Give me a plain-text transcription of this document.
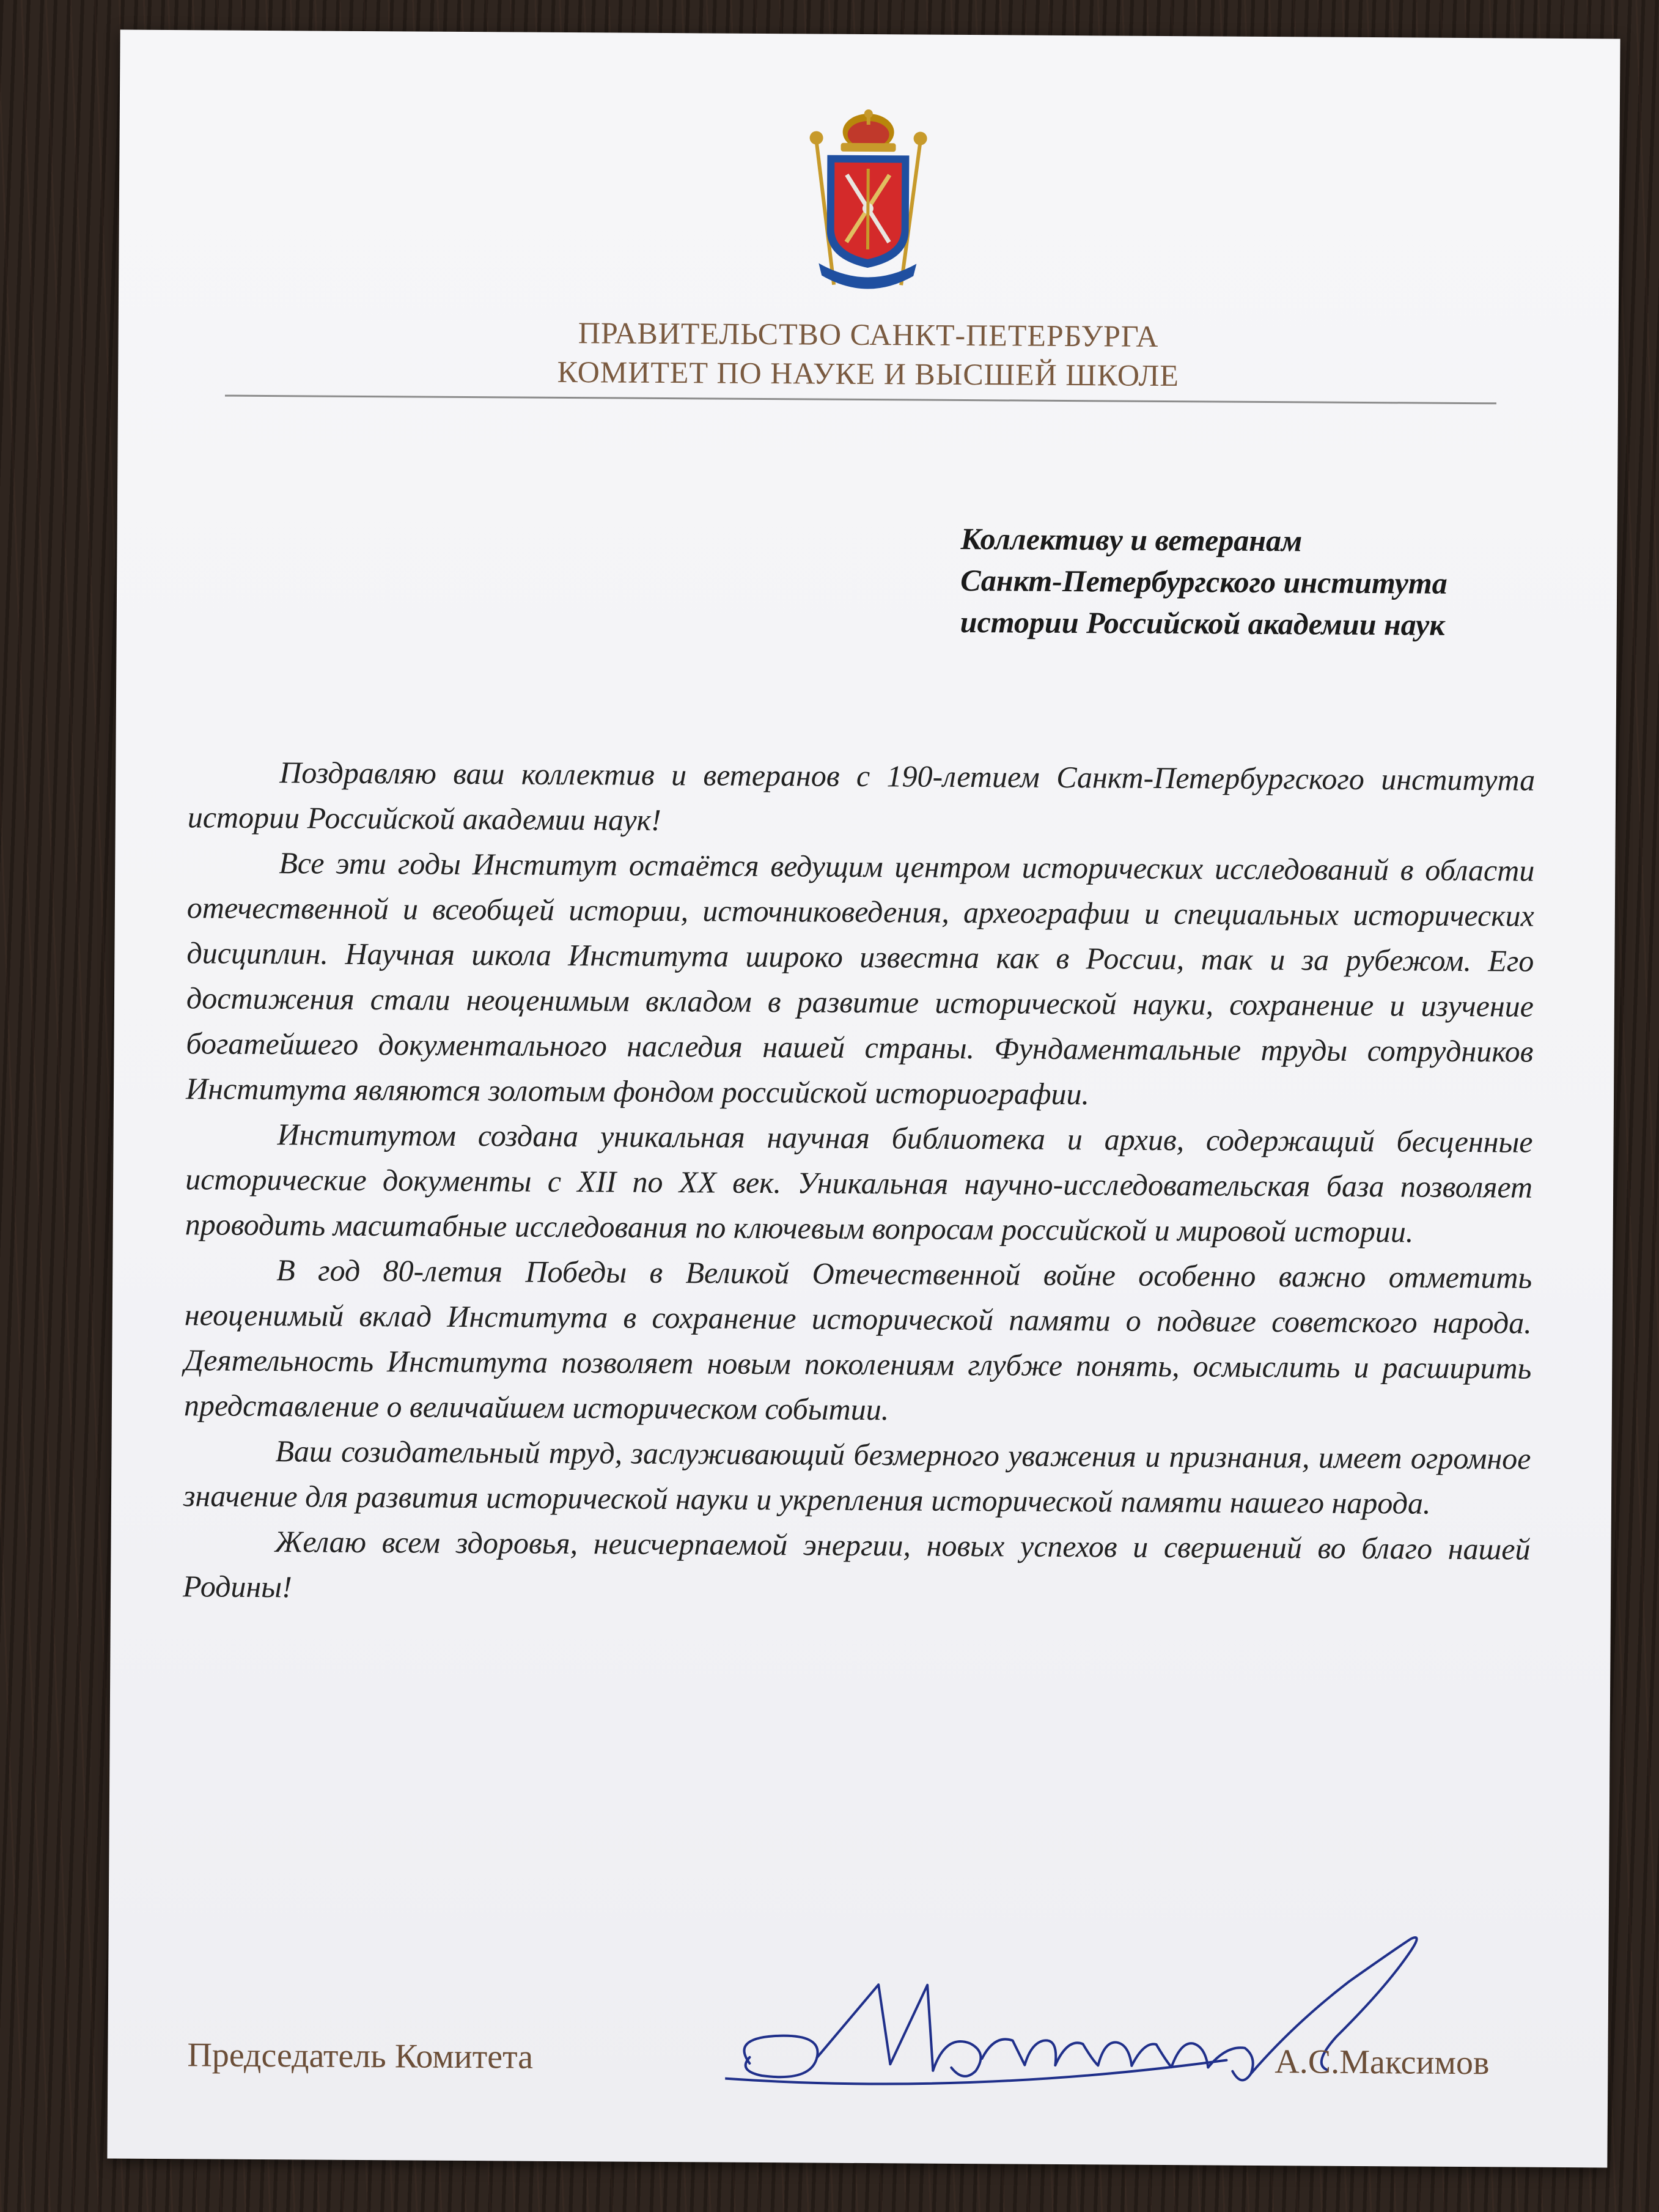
ПРАВИТЕЛЬСТВО САНКТ-ПЕТЕРБУРГА
КОМИТЕТ ПО НАУКЕ И ВЫСШЕЙ ШКОЛЕ
Коллективу и ветеранам
Санкт-Петербургского института
истории Российской академии наук

Поздравляю ваш коллектив и ветеранов с 190-летием Санкт-Петербургского института истории Российской академии наук!

Все эти годы Институт остаётся ведущим центром исторических исследований в области отечественной и всеобщей истории, источниковедения, археографии и специальных исторических дисциплин. Научная школа Института широко известна как в России, так и за рубежом. Его достижения стали неоценимым вкладом в развитие исторической науки, сохранение и изучение богатейшего документального наследия нашей страны. Фундаментальные труды сотрудников Института являются золотым фондом российской историографии.

Институтом создана уникальная научная библиотека и архив, содержащий бесценные исторические документы с XII по XX век. Уникальная научно-исследовательская база позволяет проводить масштабные исследования по ключевым вопросам российской и мировой истории.

В год 80-летия Победы в Великой Отечественной войне особенно важно отметить неоценимый вклад Института в сохранение исторической памяти о подвиге советского народа. Деятельность Института позволяет новым поколениям глубже понять, осмыслить и расширить представление о величайшем историческом событии.

Ваш созидательный труд, заслуживающий безмерного уважения и признания, имеет огромное значение для развития исторической науки и укрепления исторической памяти нашего народа.

Желаю всем здоровья, неисчерпаемой энергии, новых успехов и свершений во благо нашей Родины!

Председатель Комитета	А.С.Максимов
